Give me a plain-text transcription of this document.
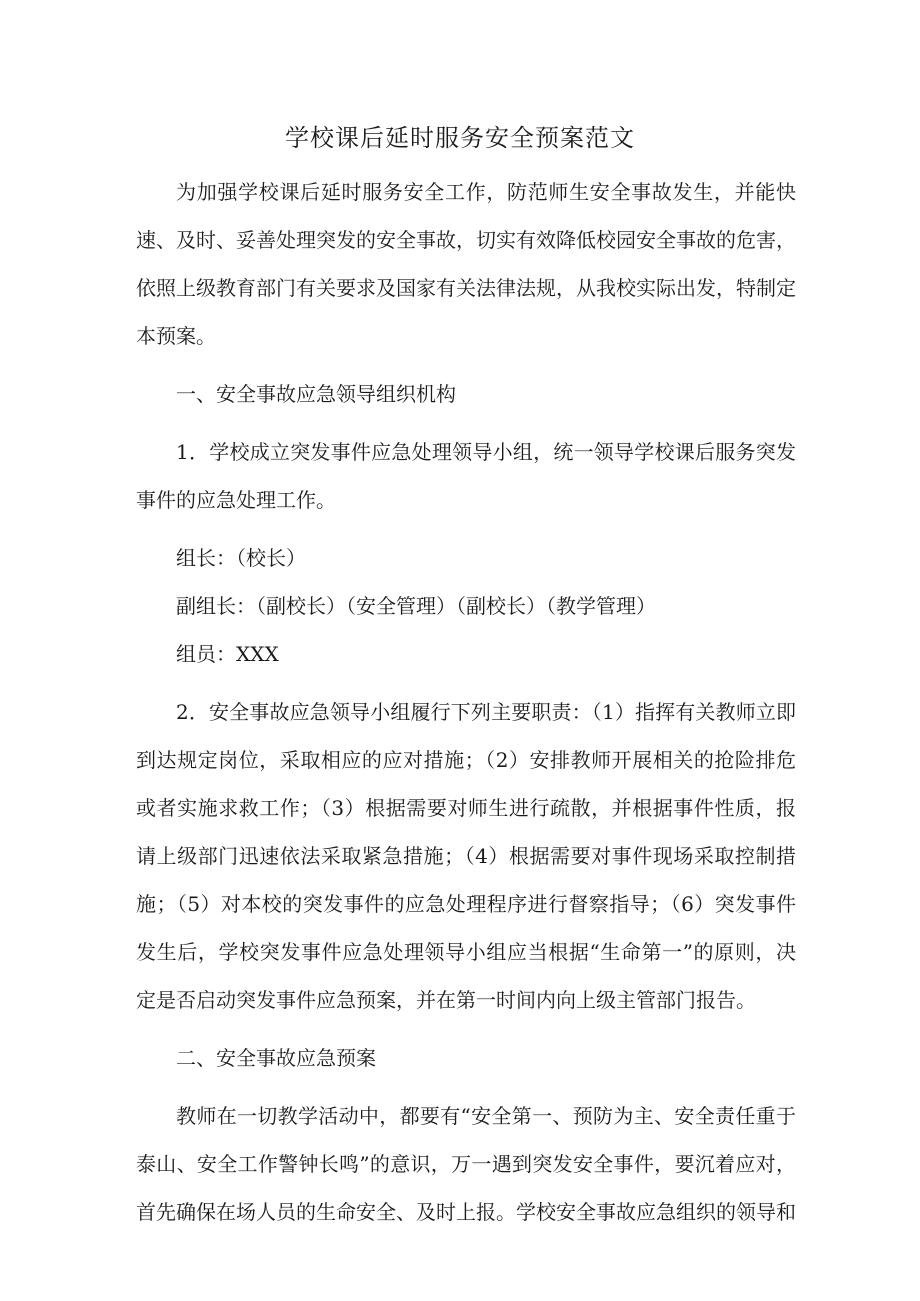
学校课后延时服务安全预案范文

为加强学校课后延时服务安全工作，防范师生安全事故发生，并能快速、及时、妥善处理突发的安全事故，切实有效降低校园安全事故的危害，依照上级教育部门有关要求及国家有关法律法规，从我校实际出发，特制定本预案。

一、安全事故应急领导组织机构

1．学校成立突发事件应急处理领导小组，统一领导学校课后服务突发事件的应急处理工作。

组长：（校长）

副组长：（副校长）（安全管理）（副校长）（教学管理）

组员：XXX

2．安全事故应急领导小组履行下列主要职责：（1）指挥有关教师立即到达规定岗位，采取相应的应对措施；（2）安排教师开展相关的抢险排危或者实施求救工作；（3）根据需要对师生进行疏散，并根据事件性质，报请上级部门迅速依法采取紧急措施；（4）根据需要对事件现场采取控制措施；（5）对本校的突发事件的应急处理程序进行督察指导；（6）突发事件发生后，学校突发事件应急处理领导小组应当根据“生命第一”的原则，决定是否启动突发事件应急预案，并在第一时间内向上级主管部门报告。

二、安全事故应急预案

教师在一切教学活动中，都要有“安全第一、预防为主、安全责任重于泰山、安全工作警钟长鸣”的意识，万一遇到突发安全事件，要沉着应对，首先确保在场人员的生命安全、及时上报。学校安全事故应急组织的领导和
